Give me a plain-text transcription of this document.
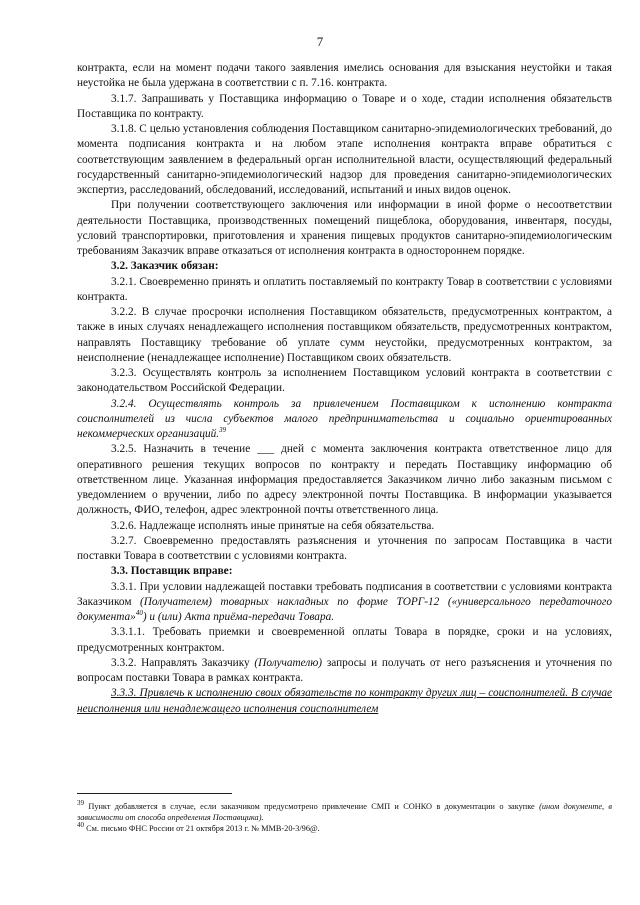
7

контракта, если на момент подачи такого заявления имелись основания для взыскания неустойки и такая неустойка не была удержана в соответствии с п. 7.16. контракта.

3.1.7. Запрашивать у Поставщика информацию о Товаре и о ходе, стадии исполнения обязательств Поставщика по контракту.

3.1.8. С целью установления соблюдения Поставщиком санитарно-эпидемиологических требований, до момента подписания контракта и на любом этапе исполнения контракта вправе обратиться с соответствующим заявлением в федеральный орган исполнительной власти, осуществляющий федеральный государственный санитарно-эпидемиологический надзор для проведения санитарно-эпидемиологических экспертиз, расследований, обследований, исследований, испытаний и иных видов оценок.

При получении соответствующего заключения или информации в иной форме о несоответствии деятельности Поставщика, производственных помещений пищеблока, оборудования, инвентаря, посуды, условий транспортировки, приготовления и хранения пищевых продуктов санитарно-эпидемиологическим требованиям Заказчик вправе отказаться от исполнения контракта в одностороннем порядке.

3.2. Заказчик обязан:

3.2.1. Своевременно принять и оплатить поставляемый по контракту Товар в соответствии с условиями контракта.

3.2.2. В случае просрочки исполнения Поставщиком обязательств, предусмотренных контрактом, а также в иных случаях ненадлежащего исполнения поставщиком обязательств, предусмотренных контрактом, направлять Поставщику требование об уплате сумм неустойки, предусмотренных контрактом, за неисполнение (ненадлежащее исполнение) Поставщиком своих обязательств.

3.2.3. Осуществлять контроль за исполнением Поставщиком условий контракта в соответствии с законодательством Российской Федерации.

3.2.4. Осуществлять контроль за привлечением Поставщиком к исполнению контракта соисполнителей из числа субъектов малого предпринимательства и социально ориентированных некоммерческих организаций.$^{39}$

3.2.5. Назначить в течение ___ дней с момента заключения контракта ответственное лицо для оперативного решения текущих вопросов по контракту и передать Поставщику информацию об ответственном лице. Указанная информация предоставляется Заказчиком лично либо заказным письмом с уведомлением о вручении, либо по адресу электронной почты Поставщика. В информации указывается должность, ФИО, телефон, адрес электронной почты ответственного лица.

3.2.6. Надлежаще исполнять иные принятые на себя обязательства.

3.2.7. Своевременно предоставлять разъяснения и уточнения по запросам Поставщика в части поставки Товара в соответствии с условиями контракта.

3.3. Поставщик вправе:

3.3.1. При условии надлежащей поставки требовать подписания в соответствии с условиями контракта Заказчиком (Получателем) товарных накладных по форме ТОРГ-12 («универсального передаточного документа»$^{40}$) и (или) Акта приёма-передачи Товара.

3.3.1.1. Требовать приемки и своевременной оплаты Товара в порядке, сроки и на условиях, предусмотренных контрактом.

3.3.2. Направлять Заказчику (Получателю) запросы и получать от него разъяснения и уточнения по вопросам поставки Товара в рамках контракта.

3.3.3. Привлечь к исполнению своих обязательств по контракту других лиц – соисполнителей. В случае неисполнения или ненадлежащего исполнения соисполнителем

$^{39}$ Пункт добавляется в случае, если заказчиком предусмотрено привлечение СМП и СОНКО в документации о закупке (ином документе, в зависимости от способа определения Поставщика).

$^{40}$ См. письмо ФНС России от 21 октября 2013 г. № ММВ-20-3/96@.
